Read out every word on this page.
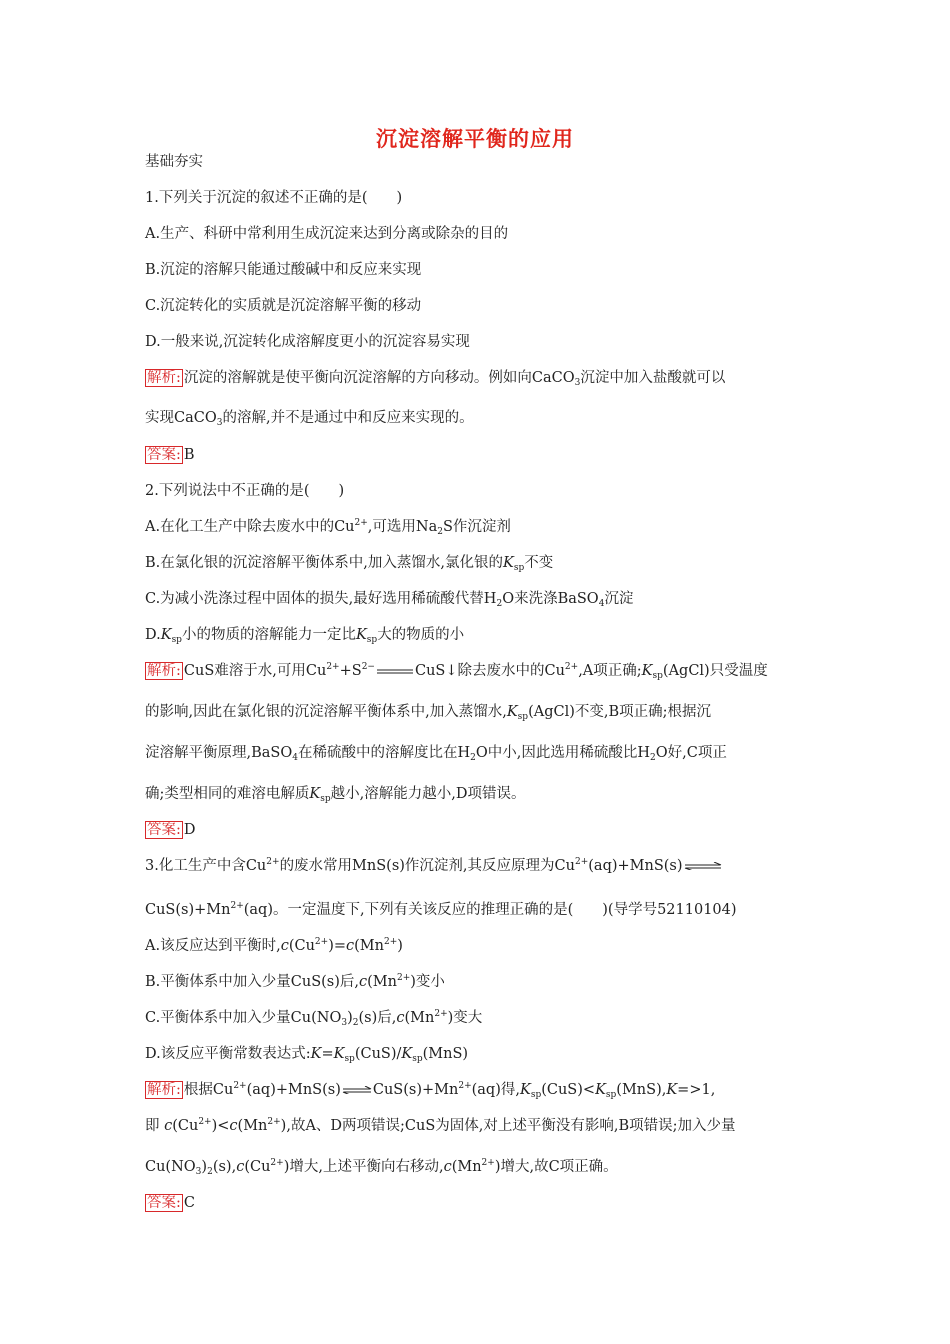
沉淀溶解平衡的应用
基础夯实
1.下列关于沉淀的叙述不正确的是(　　)
A.生产、科研中常利用生成沉淀来达到分离或除杂的目的
B.沉淀的溶解只能通过酸碱中和反应来实现
C.沉淀转化的实质就是沉淀溶解平衡的移动
D.一般来说,沉淀转化成溶解度更小的沉淀容易实现
解析: 沉淀的溶解就是使平衡向沉淀溶解的方向移动。例如向CaCO$_3$沉淀中加入盐酸就可以
实现CaCO$_3$的溶解,并不是通过中和反应来实现的。
答案: B
2.下列说法中不正确的是(　　)
A.在化工生产中除去废水中的$Cu^{2+}$,可选用$Na_2S$作沉淀剂
B.在氯化银的沉淀溶解平衡体系中,加入蒸馏水,氯化银的$K_{sp}$不变
C.为减小洗涤过程中固体的损失,最好选用稀硫酸代替$H_2O$来洗涤BaSO$_4$沉淀
$D.K_{sp}$小的物质的溶解能力一定比$K_{sp}$大的物质的小
解析: CuS难溶于水,可用$Cu^{2+}+S^{2-}$	CuS↓除去废水中的$Cu^{2+},A$项正确$;K_{sp}(AgCl)$只受温度
的影响,因此在氯化银的沉淀溶解平衡体系中,加入蒸馏水$,K_{sp}(AgCl)$不变,B项正确;根据沉
淀溶解平衡原理,BaSO$_4$在稀硫酸中的溶解度比在$H_2O$中小,因此选用稀硫酸比$H_2O$好,C项正
确;类型相同的难溶电解质$K_{sp}$越小,溶解能力越小,D项错误。
答案: D
3.化工生产中含$Cu^{2+}$的废水常用MnS(s)作沉淀剂,其反应原理为$Cu^{2+}(aq)+MnS(s)\rightleftharpoons$
$CuS(s)+Mn^{2+}(aq)$。一定温度下,下列有关该反应的推理正确的是(　　)(导学号52110104)
A.该反应达到平衡时$,c(Cu^{2+})=c(Mn^{2+})$
B.平衡体系中加入少量CuS(s)后$,c(Mn^{2+})$变小
C.平衡体系中加入少量$Cu(NO_3)_2(s)$后$,c(Mn^{2+})$变大
D.该反应平衡常数表达式$:K=K_{sp}(CuS)/K_{sp}(MnS)$
解析: 根据$Cu^{2+}(aq)+MnS(s)\rightleftharpoons CuS(s)+Mn^{2+}(aq)$得$,K_{sp}(CuS)<K_{sp}(MnS),K=>1$,
即 $c(Cu^{2+})<c(Mn^{2+})$,故A、D两项错误;CuS为固体,对上述平衡没有影响,B项错误;加入少量
$Cu(NO_3)_2(s),c(Cu^{2+})$增大,上述平衡向右移动$,c(Mn^{2+})$增大,故C项正确。
答案: C
